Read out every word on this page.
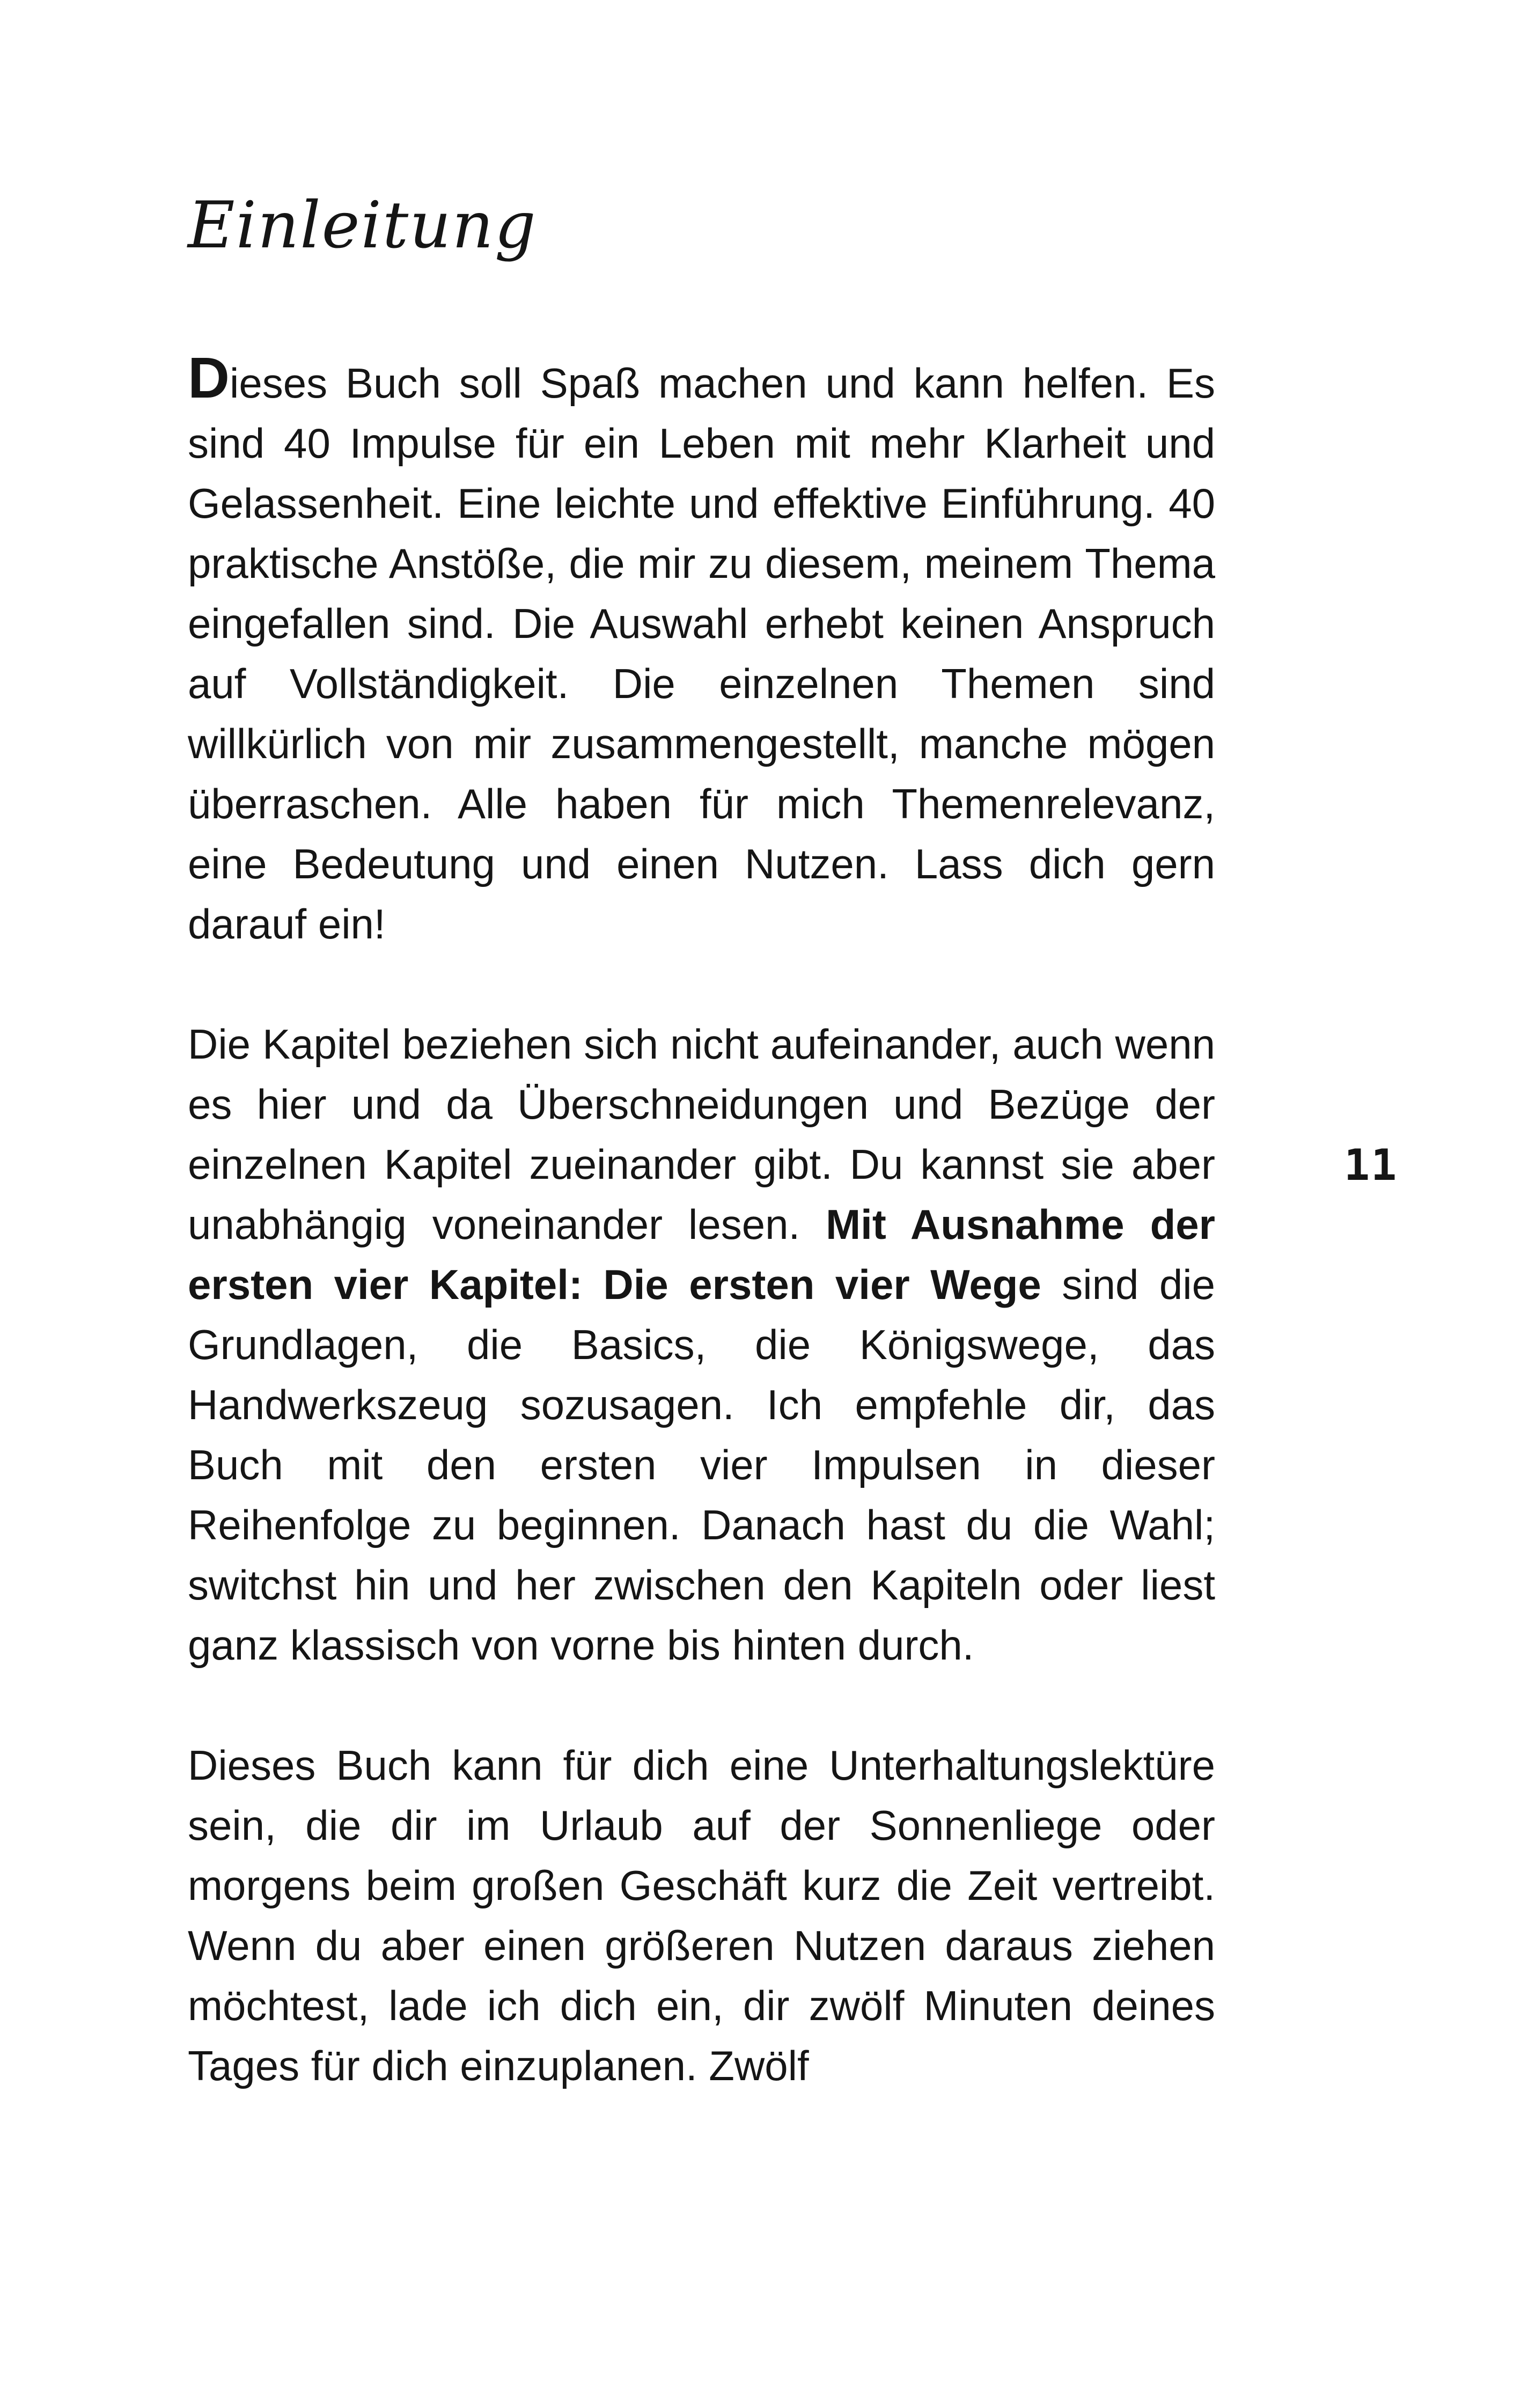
Einleitung

Dieses Buch soll Spaß machen und kann helfen. Es sind 40 Impulse für ein Leben mit mehr Klarheit und Gelassenheit. Eine leichte und effektive Einführung. 40 praktische Anstöße, die mir zu diesem, meinem Thema eingefallen sind. Die Auswahl erhebt keinen Anspruch auf Vollständigkeit. Die einzelnen Themen sind willkürlich von mir zusammengestellt, manche mögen überraschen. Alle haben für mich Themenrelevanz, eine Bedeutung und einen Nutzen. Lass dich gern darauf ein!

Die Kapitel beziehen sich nicht aufeinander, auch wenn es hier und da Überschneidungen und Bezüge der einzelnen Kapitel zueinander gibt. Du kannst sie aber unabhängig voneinander lesen. Mit Ausnahme der ersten vier Kapitel: Die ersten vier Wege sind die Grundlagen, die Basics, die Königswege, das Handwerkszeug sozusagen. Ich empfehle dir, das Buch mit den ersten vier Impulsen in dieser Reihenfolge zu beginnen. Danach hast du die Wahl; switchst hin und her zwischen den Kapiteln oder liest ganz klassisch von vorne bis hinten durch.

Dieses Buch kann für dich eine Unterhaltungslektüre sein, die dir im Urlaub auf der Sonnenliege oder morgens beim großen Geschäft kurz die Zeit vertreibt. Wenn du aber einen größeren Nutzen daraus ziehen möchtest, lade ich dich ein, dir zwölf Minuten deines Tages für dich einzuplanen. Zwölf

11
